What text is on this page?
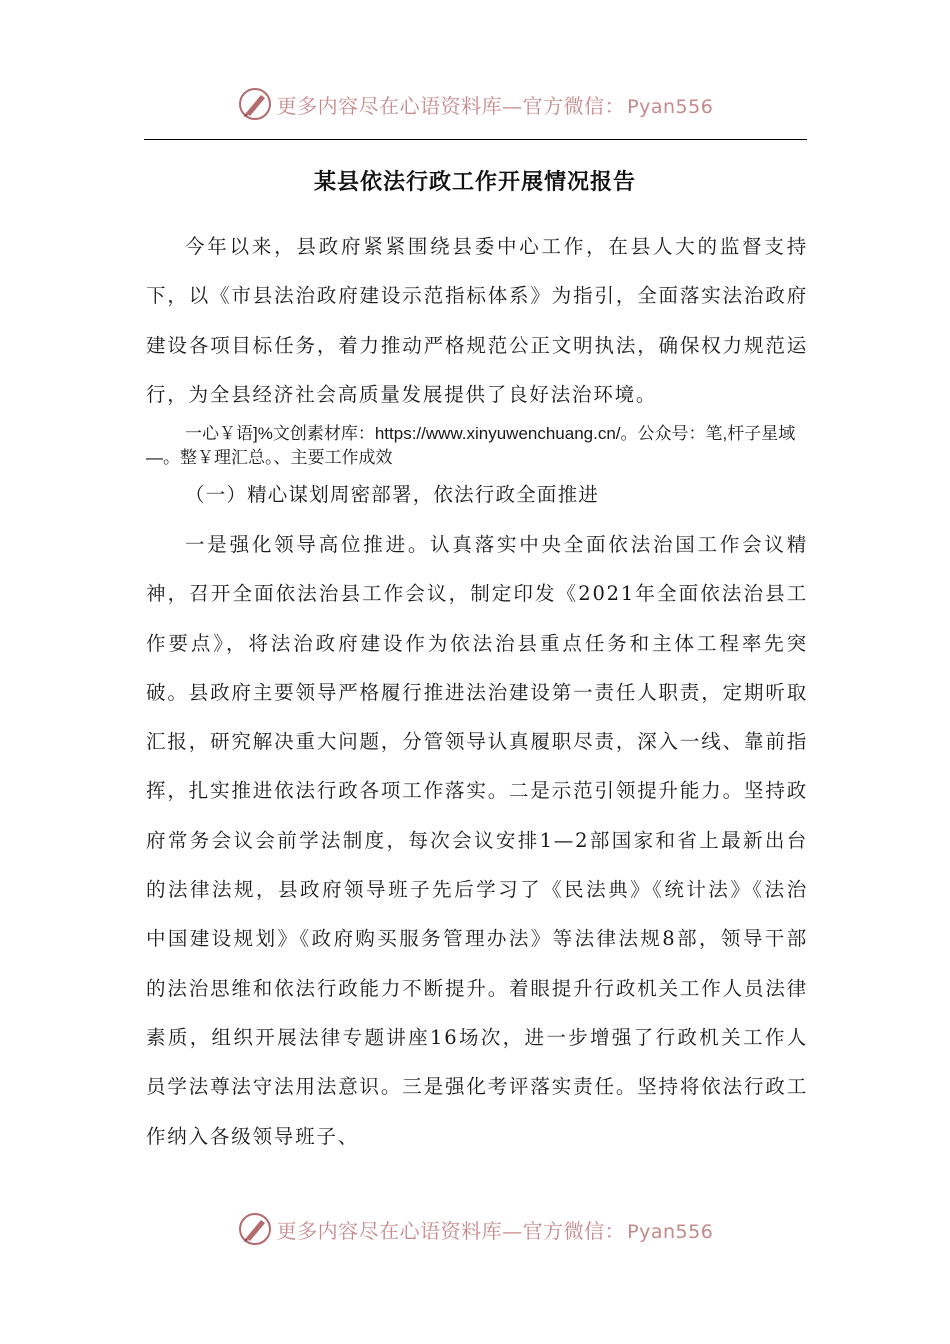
更多内容尽在心语资料库—官方微信： Pyan556
某县依法行政工作开展情况报告

今年以来，县政府紧紧围绕县委中心工作，在县人大的监督支持下，以《市县法治政府建设示范指标体系》为指引，全面落实法治政府建设各项目标任务，着力推动严格规范公正文明执法，确保权力规范运行，为全县经济社会高质量发展提供了良好法治环境。

一心￥语]%文创素材库：https://www.xinyuwenchuang.cn/。公众号：笔,杆子星域—。整￥理汇总。、主要工作成效

（一）精心谋划周密部署，依法行政全面推进

一是强化领导高位推进。认真落实中央全面依法治国工作会议精神，召开全面依法治县工作会议，制定印发《2021年全面依法治县工作要点》，将法治政府建设作为依法治县重点任务和主体工程率先突破。县政府主要领导严格履行推进法治建设第一责任人职责，定期听取汇报，研究解决重大问题，分管领导认真履职尽责，深入一线、靠前指挥，扎实推进依法行政各项工作落实。二是示范引领提升能力。坚持政府常务会议会前学法制度，每次会议安排1—2部国家和省上最新出台的法律法规，县政府领导班子先后学习了《民法典》《统计法》《法治中国建设规划》《政府购买服务管理办法》等法律法规8部，领导干部的法治思维和依法行政能力不断提升。着眼提升行政机关工作人员法律素质，组织开展法律专题讲座16场次，进一步增强了行政机关工作人员学法尊法守法用法意识。三是强化考评落实责任。坚持将依法行政工作纳入各级领导班子、

更多内容尽在心语资料库—官方微信： Pyan556
